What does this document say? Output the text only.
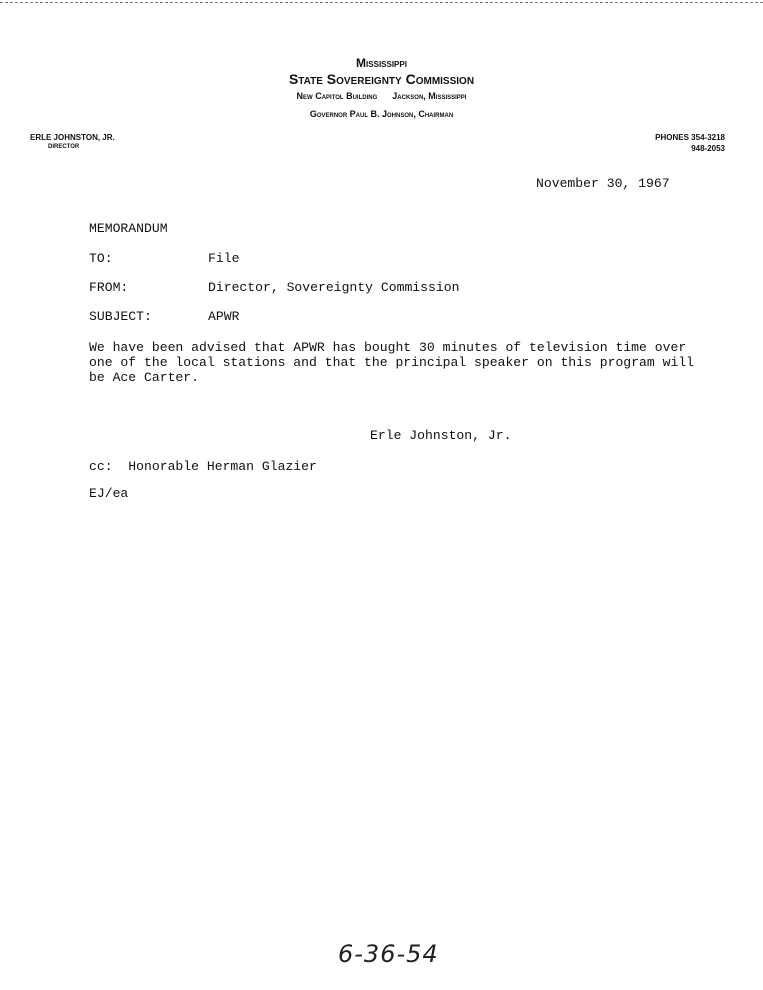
Mississippi
State Sovereignty Commission
New Capitol Building Jackson, Mississippi
Governor Paul B. Johnson, Chairman
ERLE JOHNSTON, JR.
DIRECTOR
PHONES 354-3218
948-2053
November 30, 1967
MEMORANDUM
TO:	File
FROM:	Director, Sovereignty Commission
SUBJECT:	APWR
We have been advised that APWR has bought 30 minutes of television time over
one of the local stations and that the principal speaker on this program will
be Ace Carter.
Erle Johnston, Jr.
cc:  Honorable Herman Glazier
EJ/ea
6-36-54
